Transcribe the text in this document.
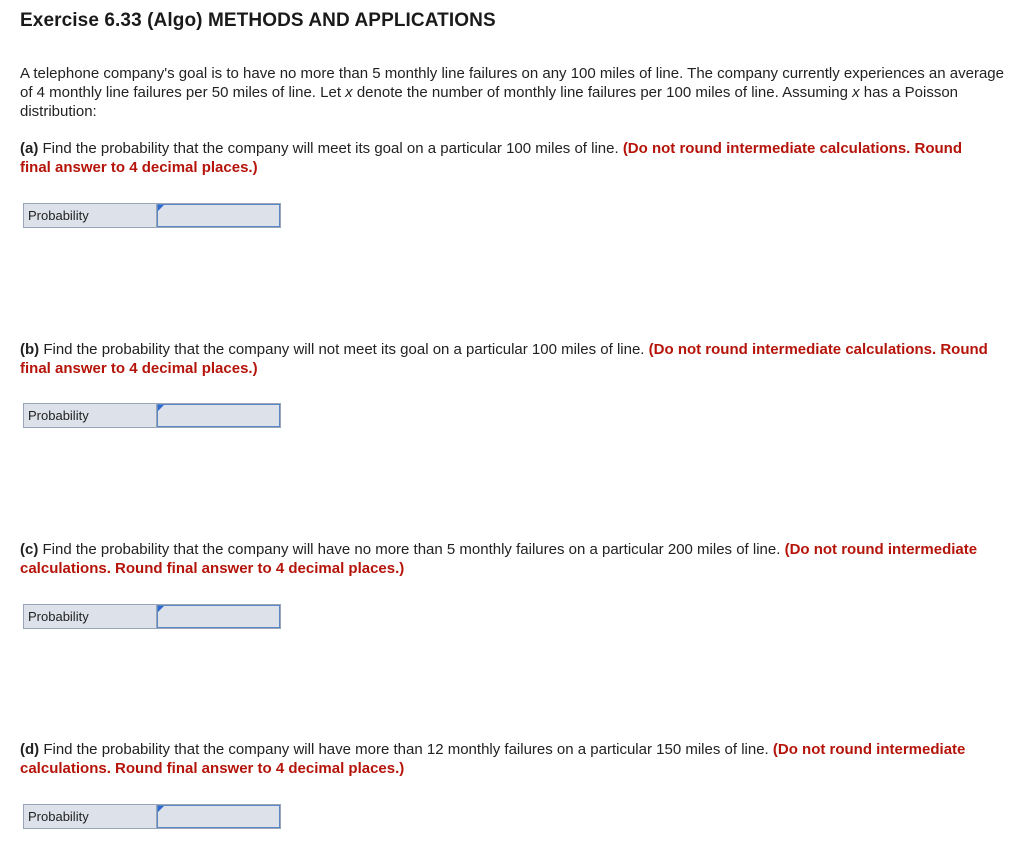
Exercise 6.33 (Algo) METHODS AND APPLICATIONS
A telephone company's goal is to have no more than 5 monthly line failures on any 100 miles of line. The company currently experiences an average of 4 monthly line failures per 50 miles of line. Let x denote the number of monthly line failures per 100 miles of line. Assuming x has a Poisson distribution:
(a) Find the probability that the company will meet its goal on a particular 100 miles of line. (Do not round intermediate calculations. Round final answer to 4 decimal places.)
Probability
(b) Find the probability that the company will not meet its goal on a particular 100 miles of line. (Do not round intermediate calculations. Round final answer to 4 decimal places.)
Probability
(c) Find the probability that the company will have no more than 5 monthly failures on a particular 200 miles of line. (Do not round intermediate calculations. Round final answer to 4 decimal places.)
Probability
(d) Find the probability that the company will have more than 12 monthly failures on a particular 150 miles of line. (Do not round intermediate calculations. Round final answer to 4 decimal places.)
Probability
